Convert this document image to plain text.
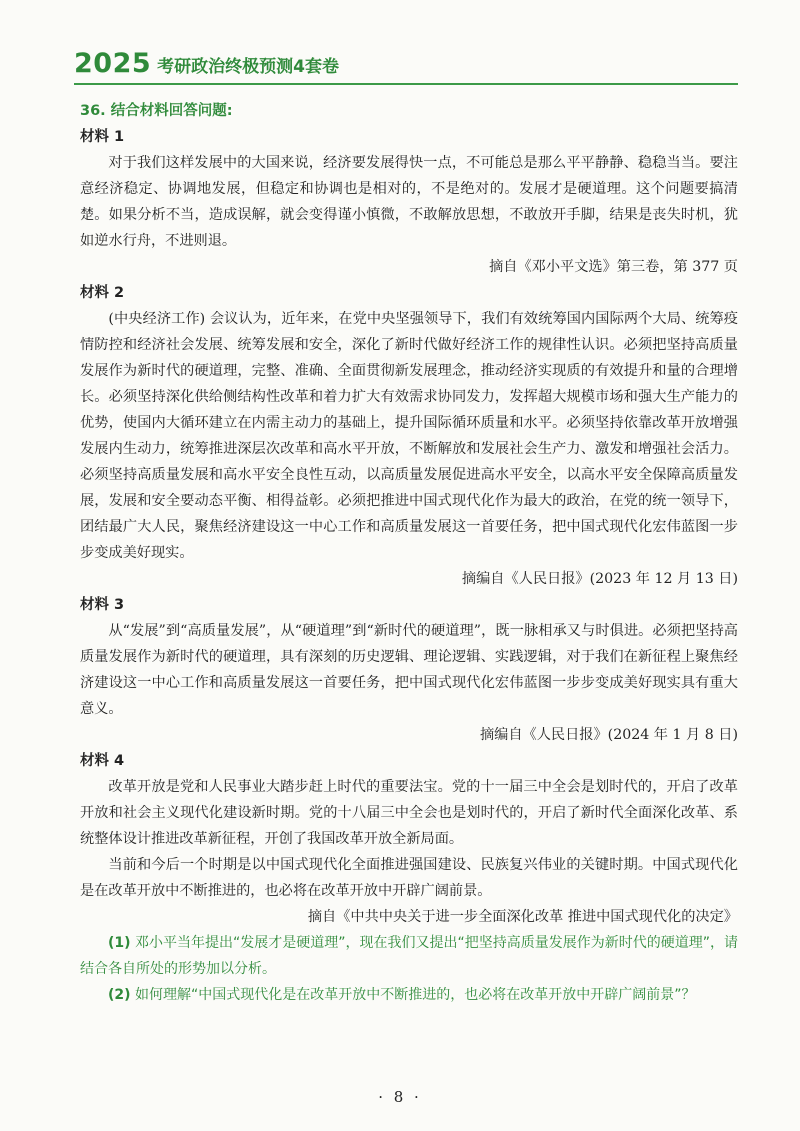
2025 考研政治终极预测4套卷
36. 结合材料回答问题:
材料 1

对于我们这样发展中的大国来说，经济要发展得快一点，不可能总是那么平平静静、稳稳当当。要注意经济稳定、协调地发展，但稳定和协调也是相对的，不是绝对的。发展才是硬道理。这个问题要搞清楚。如果分析不当，造成误解，就会变得谨小慎微，不敢解放思想，不敢放开手脚，结果是丧失时机，犹如逆水行舟，不进则退。

摘自《邓小平文选》第三卷，第 377 页

材料 2

(中央经济工作) 会议认为，近年来，在党中央坚强领导下，我们有效统筹国内国际两个大局、统筹疫情防控和经济社会发展、统筹发展和安全，深化了新时代做好经济工作的规律性认识。必须把坚持高质量发展作为新时代的硬道理，完整、准确、全面贯彻新发展理念，推动经济实现质的有效提升和量的合理增长。必须坚持深化供给侧结构性改革和着力扩大有效需求协同发力，发挥超大规模市场和强大生产能力的优势，使国内大循环建立在内需主动力的基础上，提升国际循环质量和水平。必须坚持依靠改革开放增强发展内生动力，统筹推进深层次改革和高水平开放，不断解放和发展社会生产力、激发和增强社会活力。必须坚持高质量发展和高水平安全良性互动，以高质量发展促进高水平安全，以高水平安全保障高质量发展，发展和安全要动态平衡、相得益彰。必须把推进中国式现代化作为最大的政治，在党的统一领导下，团结最广大人民，聚焦经济建设这一中心工作和高质量发展这一首要任务，把中国式现代化宏伟蓝图一步步变成美好现实。

摘编自《人民日报》(2023 年 12 月 13 日)

材料 3

从“发展”到“高质量发展”，从“硬道理”到“新时代的硬道理”，既一脉相承又与时俱进。必须把坚持高质量发展作为新时代的硬道理，具有深刻的历史逻辑、理论逻辑、实践逻辑，对于我们在新征程上聚焦经济建设这一中心工作和高质量发展这一首要任务，把中国式现代化宏伟蓝图一步步变成美好现实具有重大意义。

摘编自《人民日报》(2024 年 1 月 8 日)

材料 4

改革开放是党和人民事业大踏步赶上时代的重要法宝。党的十一届三中全会是划时代的，开启了改革开放和社会主义现代化建设新时期。党的十八届三中全会也是划时代的，开启了新时代全面深化改革、系统整体设计推进改革新征程，开创了我国改革开放全新局面。

当前和今后一个时期是以中国式现代化全面推进强国建设、民族复兴伟业的关键时期。中国式现代化是在改革开放中不断推进的，也必将在改革开放中开辟广阔前景。

摘自《中共中央关于进一步全面深化改革 推进中国式现代化的决定》

(1) 邓小平当年提出“发展才是硬道理”，现在我们又提出“把坚持高质量发展作为新时代的硬道理”，请结合各自所处的形势加以分析。

(2) 如何理解“中国式现代化是在改革开放中不断推进的，也必将在改革开放中开辟广阔前景”？

· 8 ·
